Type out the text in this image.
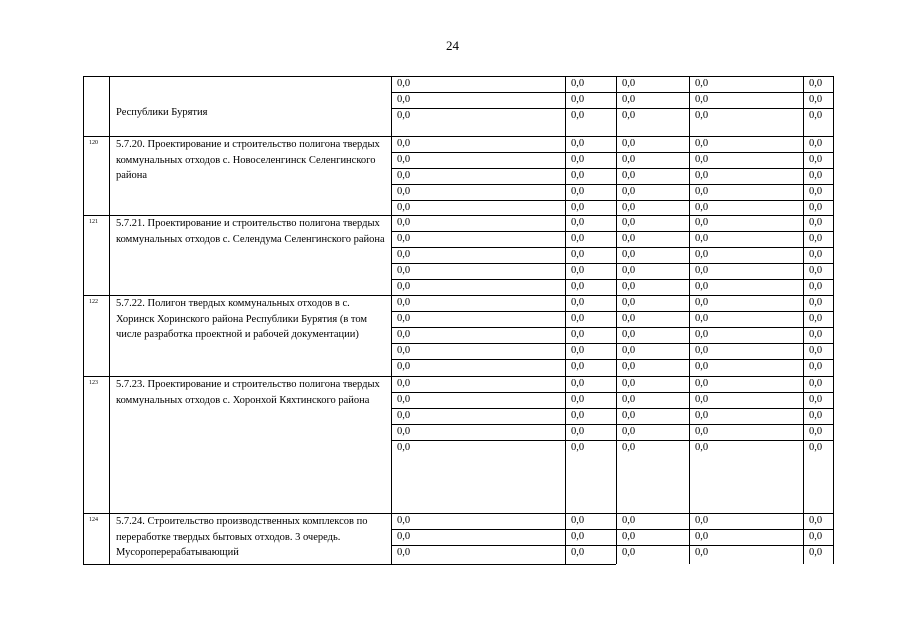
24
Республики Бурятия
0,0	0,0	0,0	0,0	0,0
0,0	0,0	0,0	0,0	0,0
0,0	0,0	0,0	0,0	0,0
120 5.7.20. Проектирование и строительство полигона твердых коммунальных отходов с. Новоселенгинск Селенгинского района
0,0	0,0	0,0	0,0	0,0
0,0	0,0	0,0	0,0	0,0
0,0	0,0	0,0	0,0	0,0
0,0	0,0	0,0	0,0	0,0
0,0	0,0	0,0	0,0	0,0
121 5.7.21. Проектирование и строительство полигона твердых коммунальных отходов с. Селендума Селенгинского района
0,0	0,0	0,0	0,0	0,0
0,0	0,0	0,0	0,0	0,0
0,0	0,0	0,0	0,0	0,0
0,0	0,0	0,0	0,0	0,0
0,0	0,0	0,0	0,0	0,0
122 5.7.22. Полигон твердых коммунальных отходов в с. Хоринск Хоринского района Республики Бурятия (в том числе разработка проектной и рабочей документации)
0,0	0,0	0,0	0,0	0,0
0,0	0,0	0,0	0,0	0,0
0,0	0,0	0,0	0,0	0,0
0,0	0,0	0,0	0,0	0,0
0,0	0,0	0,0	0,0	0,0
123 5.7.23. Проектирование и строительство полигона твердых коммунальных отходов с. Хоронхой Кяхтинского района
0,0	0,0	0,0	0,0	0,0
0,0	0,0	0,0	0,0	0,0
0,0	0,0	0,0	0,0	0,0
0,0	0,0	0,0	0,0	0,0
0,0	0,0	0,0	0,0	0,0
124 5.7.24. Строительство производственных комплексов по переработке твердых бытовых отходов. 3 очередь. Мусороперерабатывающий
0,0	0,0	0,0	0,0	0,0
0,0	0,0	0,0	0,0	0,0
0,0	0,0	0,0	0,0	0,0
